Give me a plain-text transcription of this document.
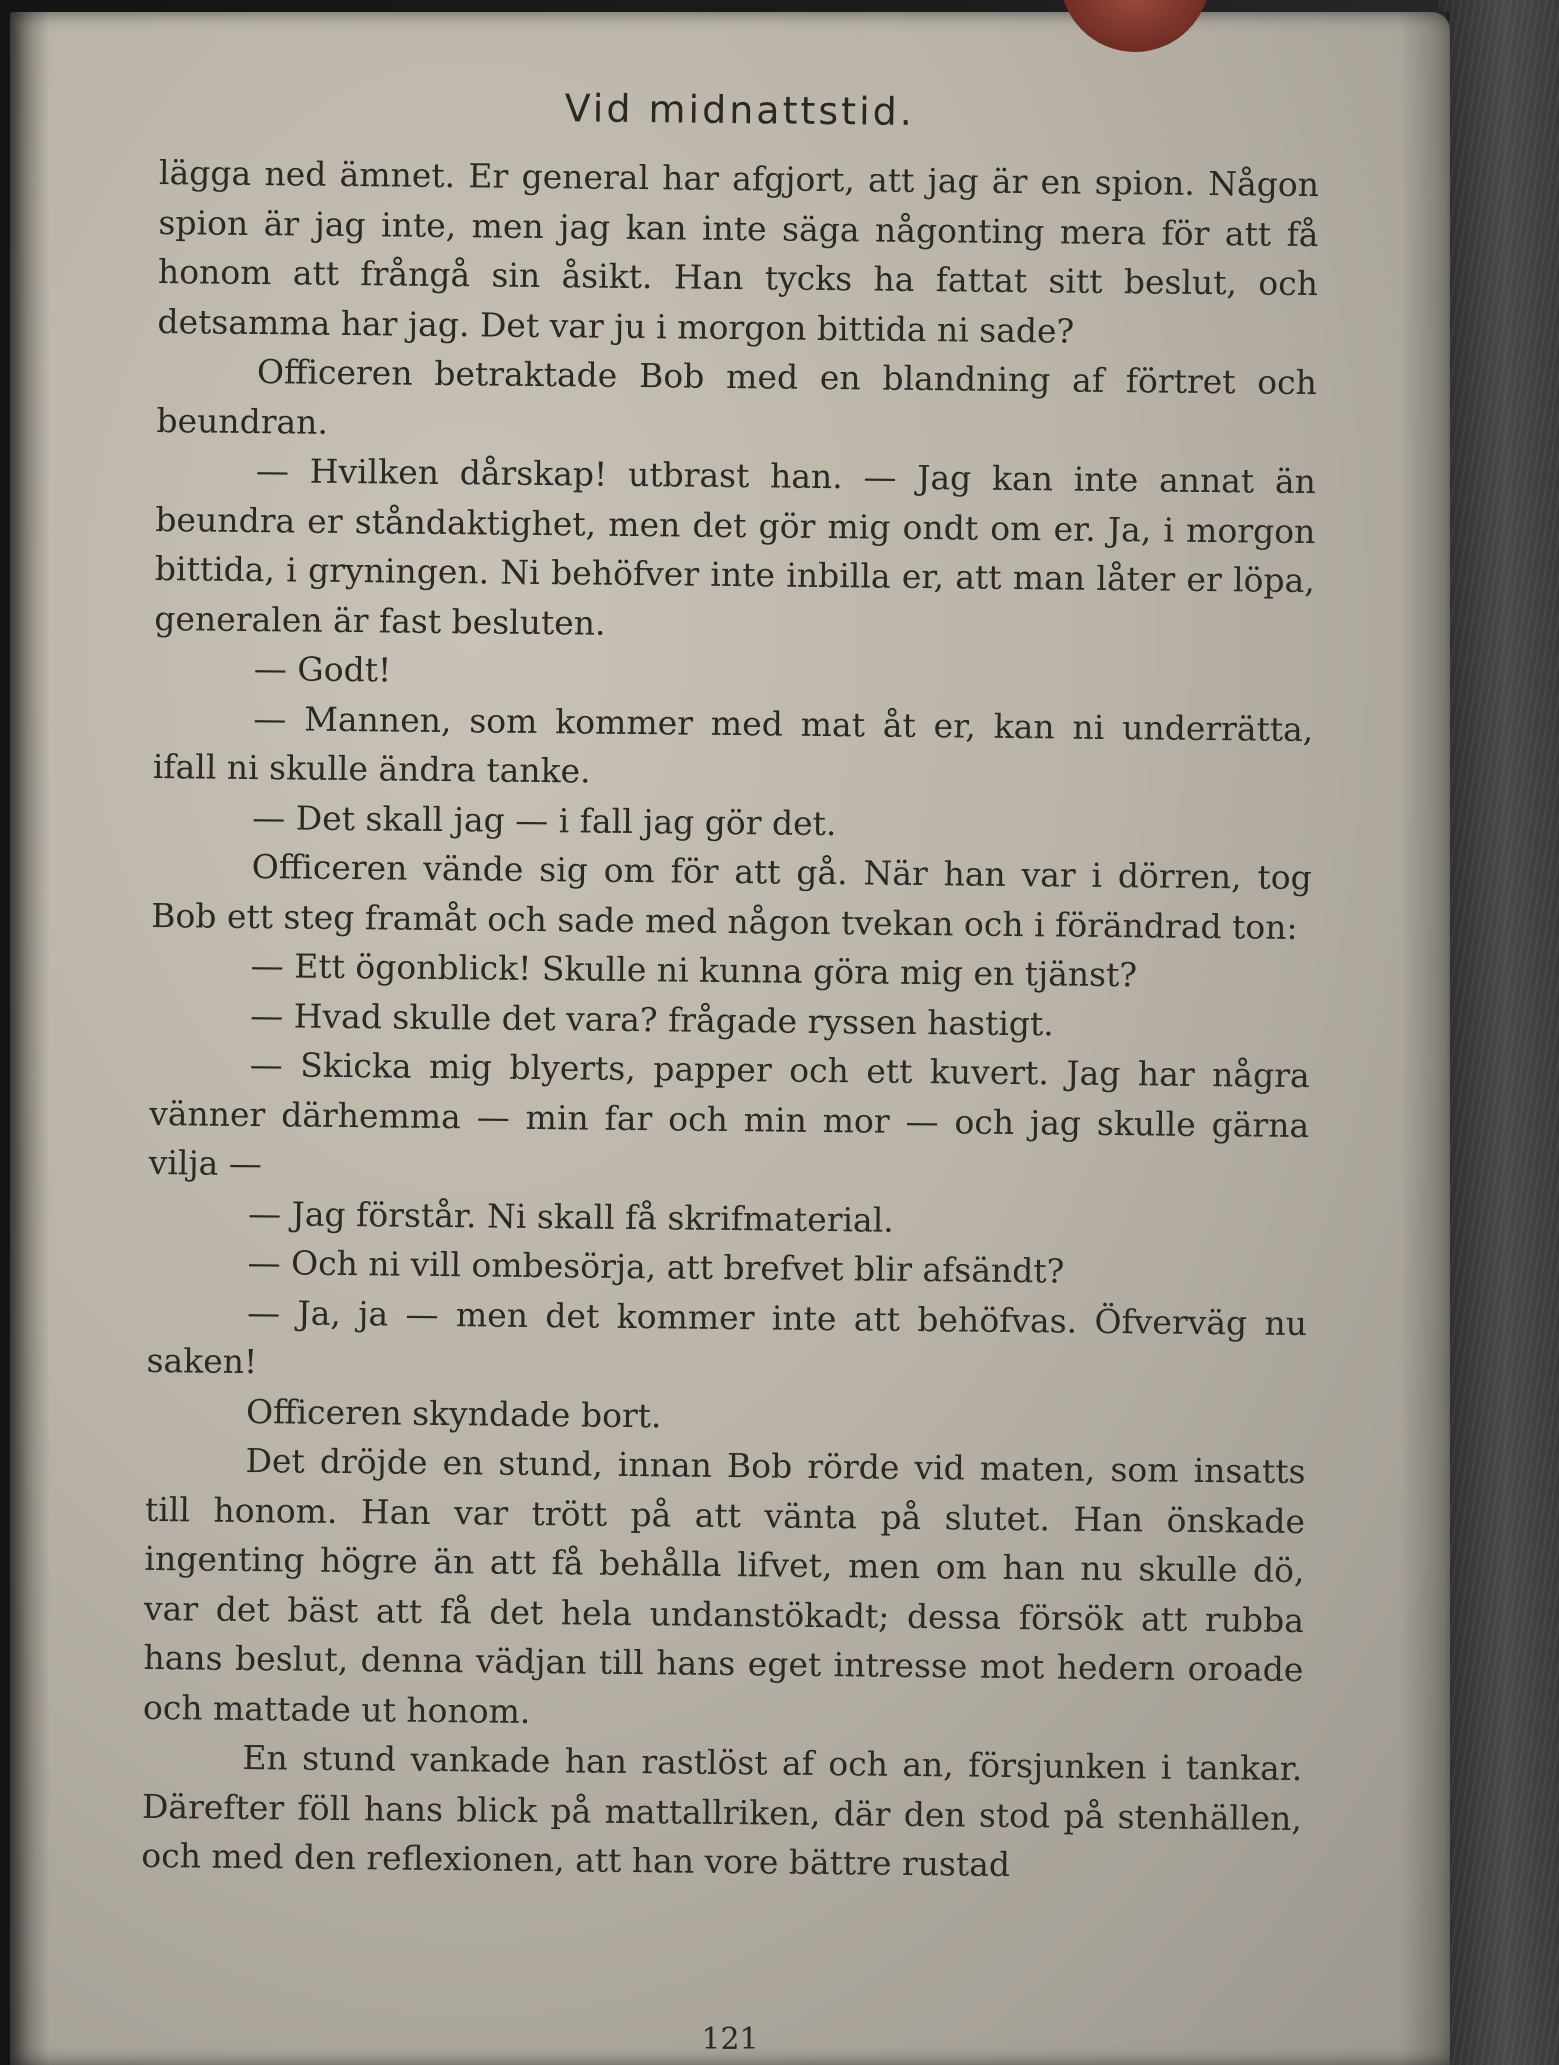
Vid midnattstid.

lägga ned ämnet. Er general har afgjort, att jag är en spion. Någon spion är jag inte, men jag kan inte säga någonting mera för att få honom att frångå sin åsikt. Han tycks ha fattat sitt beslut, och detsamma har jag. Det var ju i morgon bittida ni sade?

Officeren betraktade Bob med en blandning af förtret och beundran.

— Hvilken dårskap! utbrast han. — Jag kan inte annat än beundra er ståndaktighet, men det gör mig ondt om er. Ja, i morgon bittida, i gryningen. Ni behöfver inte inbilla er, att man låter er löpa, generalen är fast besluten.

— Godt!

— Mannen, som kommer med mat åt er, kan ni underrätta, ifall ni skulle ändra tanke.

— Det skall jag — i fall jag gör det.

Officeren vände sig om för att gå. När han var i dörren, tog Bob ett steg framåt och sade med någon tvekan och i förändrad ton:

— Ett ögonblick! Skulle ni kunna göra mig en tjänst?

— Hvad skulle det vara? frågade ryssen hastigt.

— Skicka mig blyerts, papper och ett kuvert. Jag har några vänner därhemma — min far och min mor — och jag skulle gärna vilja —

— Jag förstår. Ni skall få skrifmaterial.

— Och ni vill ombesörja, att brefvet blir afsändt?

— Ja, ja — men det kommer inte att behöfvas. Öfverväg nu saken!

Officeren skyndade bort.

Det dröjde en stund, innan Bob rörde vid maten, som insatts till honom. Han var trött på att vänta på slutet. Han önskade ingenting högre än att få behålla lifvet, men om han nu skulle dö, var det bäst att få det hela undanstökadt; dessa försök att rubba hans beslut, denna vädjan till hans eget intresse mot hedern oroade och mattade ut honom.

En stund vankade han rastlöst af och an, försjunken i tankar. Därefter föll hans blick på mattallriken, där den stod på stenhällen, och med den reflexionen, att han vore bättre rustad

121
